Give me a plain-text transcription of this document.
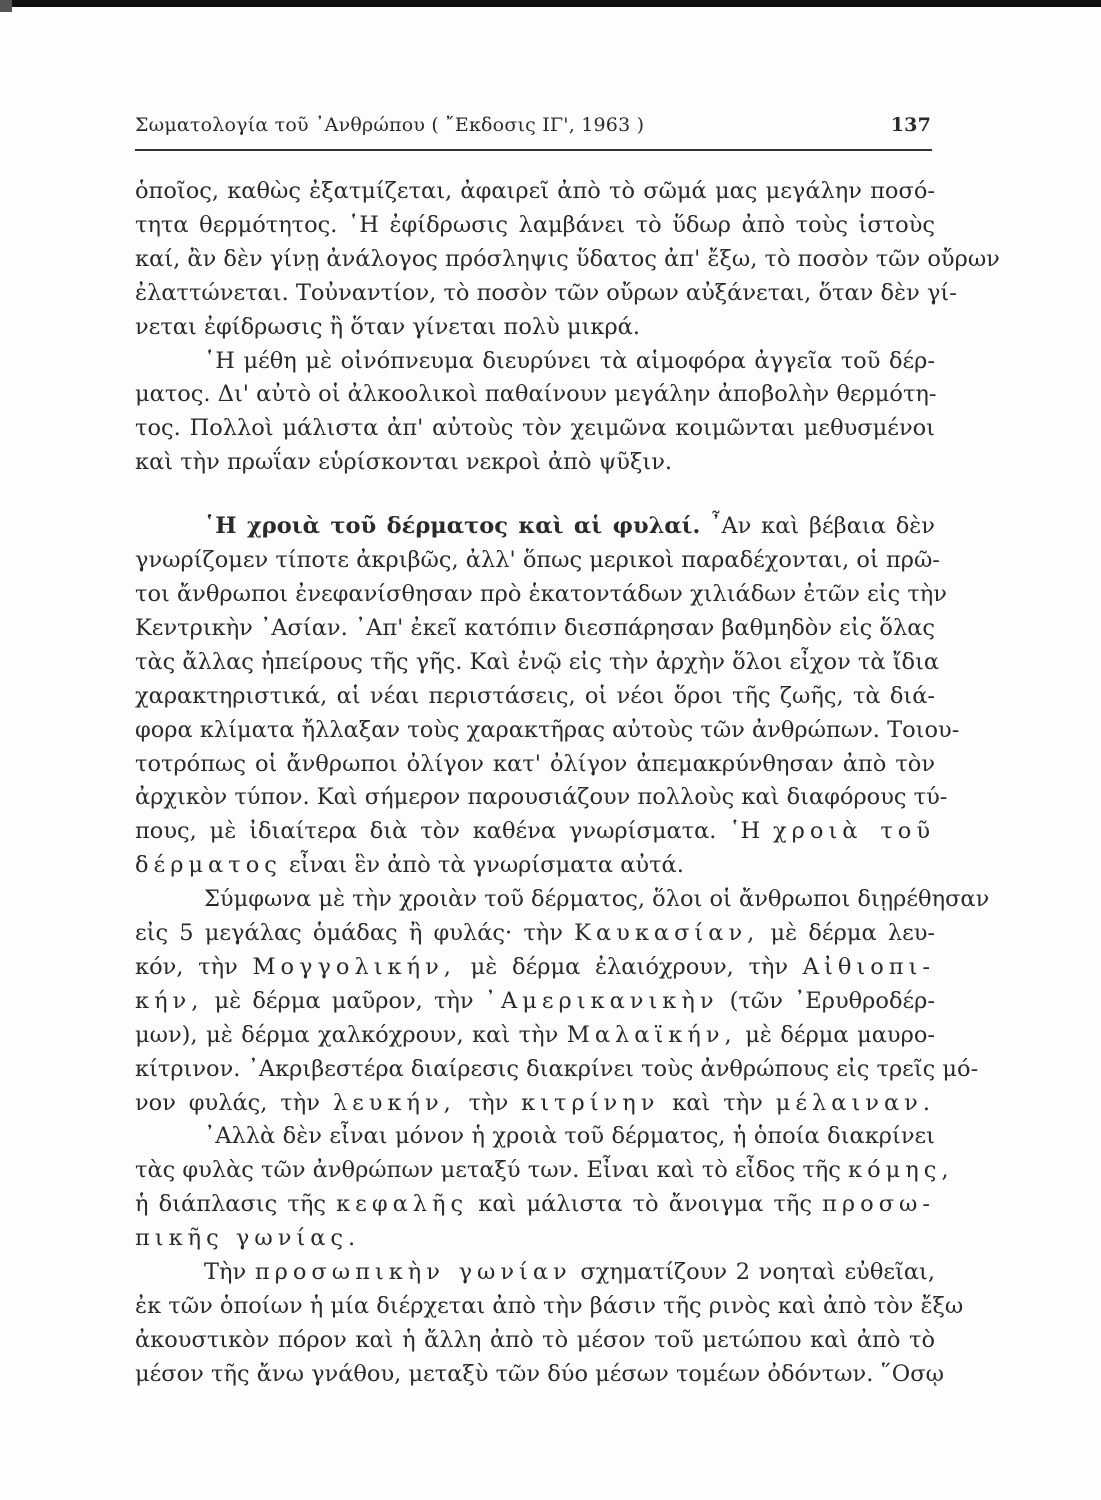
Σωματολογία τοῦ ᾿Ανθρώπου ( ῎Εκδοσις ΙΓ', 1963 )	137
ὁποῖος, καθὼς ἐξατμίζεται, ἀφαιρεῖ ἀπὸ τὸ σῶμά μας μεγάλην ποσό-
τητα θερμότητος. ῾Η ἐφίδρωσις λαμβάνει τὸ ὕδωρ ἀπὸ τοὺς ἱστοὺς
καί, ἂν δὲν γίνῃ ἀνάλογος πρόσληψις ὕδατος ἀπ' ἔξω, τὸ ποσὸν τῶν οὔρων
ἐλαττώνεται. Τοὐναντίον, τὸ ποσὸν τῶν οὔρων αὐξάνεται, ὅταν δὲν γί-
νεται ἐφίδρωσις ἢ ὅταν γίνεται πολὺ μικρά.
῾Η μέθη μὲ οἰνόπνευμα διευρύνει τὰ αἱμοφόρα ἀγγεῖα τοῦ δέρ-
ματος. Δι' αὐτὸ οἱ ἀλκοολικοὶ παθαίνουν μεγάλην ἀποβολὴν θερμότη-
τος. Πολλοὶ μάλιστα ἀπ' αὐτοὺς τὸν χειμῶνα κοιμῶνται μεθυσμένοι
καὶ τὴν πρωΐαν εὑρίσκονται νεκροὶ ἀπὸ ψῦξιν.
῾Η χροιὰ τοῦ δέρματος καὶ αἱ φυλαί. ῏Αν καὶ βέβαια δὲν
γνωρίζομεν τίποτε ἀκριβῶς, ἀλλ' ὅπως μερικοὶ παραδέχονται, οἱ πρῶ-
τοι ἄνθρωποι ἐνεφανίσθησαν πρὸ ἑκατοντάδων χιλιάδων ἐτῶν εἰς τὴν
Κεντρικὴν ᾿Ασίαν. ᾿Απ' ἐκεῖ κατόπιν διεσπάρησαν βαθμηδὸν εἰς ὅλας
τὰς ἄλλας ἠπείρους τῆς γῆς. Καὶ ἐνῷ εἰς τὴν ἀρχὴν ὅλοι εἶχον τὰ ἴδια
χαρακτηριστικά, αἱ νέαι περιστάσεις, οἱ νέοι ὅροι τῆς ζωῆς, τὰ διά-
φορα κλίματα ἤλλαξαν τοὺς χαρακτῆρας αὐτοὺς τῶν ἀνθρώπων. Τοιου-
τοτρόπως οἱ ἄνθρωποι ὀλίγον κατ' ὀλίγον ἀπεμακρύνθησαν ἀπὸ τὸν
ἀρχικὸν τύπον. Καὶ σήμερον παρουσιάζουν πολλοὺς καὶ διαφόρους τύ-
πους, μὲ ἰδιαίτερα διὰ τὸν καθένα γνωρίσματα. ῾Η χροιὰ τοῦ
δέρματος εἶναι ἓν ἀπὸ τὰ γνωρίσματα αὐτά.
Σύμφωνα μὲ τὴν χροιὰν τοῦ δέρματος, ὅλοι οἱ ἄνθρωποι διῃρέθησαν
εἰς 5 μεγάλας ὁμάδας ἢ φυλάς· τὴν Καυκασίαν, μὲ δέρμα λευ-
κόν, τὴν Μογγολικήν, μὲ δέρμα ἐλαιόχρουν, τὴν Αἰθιοπι-
κήν, μὲ δέρμα μαῦρον, τὴν ᾿Αμερικανικὴν (τῶν ᾿Ερυθροδέρ-
μων), μὲ δέρμα χαλκόχρουν, καὶ τὴν Μαλαϊκήν, μὲ δέρμα μαυρο-
κίτρινον. ᾿Ακριβεστέρα διαίρεσις διακρίνει τοὺς ἀνθρώπους εἰς τρεῖς μό-
νον φυλάς, τὴν λευκήν, τὴν κιτρίνην καὶ τὴν μέλαιναν.
᾿Αλλὰ δὲν εἶναι μόνον ἡ χροιὰ τοῦ δέρματος, ἡ ὁποία διακρίνει
τὰς φυλὰς τῶν ἀνθρώπων μεταξύ των. Εἶναι καὶ τὸ εἶδος τῆς κόμης,
ἡ διάπλασις τῆς κεφαλῆς καὶ μάλιστα τὸ ἄνοιγμα τῆς προσω-
πικῆς γωνίας.
Τὴν προσωπικὴν γωνίαν σχηματίζουν 2 νοηταὶ εὐθεῖαι,
ἐκ τῶν ὁποίων ἡ μία διέρχεται ἀπὸ τὴν βάσιν τῆς ρινὸς καὶ ἀπὸ τὸν ἔξω
ἀκουστικὸν πόρον καὶ ἡ ἄλλη ἀπὸ τὸ μέσον τοῦ μετώπου καὶ ἀπὸ τὸ
μέσον τῆς ἄνω γνάθου, μεταξὺ τῶν δύο μέσων τομέων ὀδόντων. ῞Οσῳ
